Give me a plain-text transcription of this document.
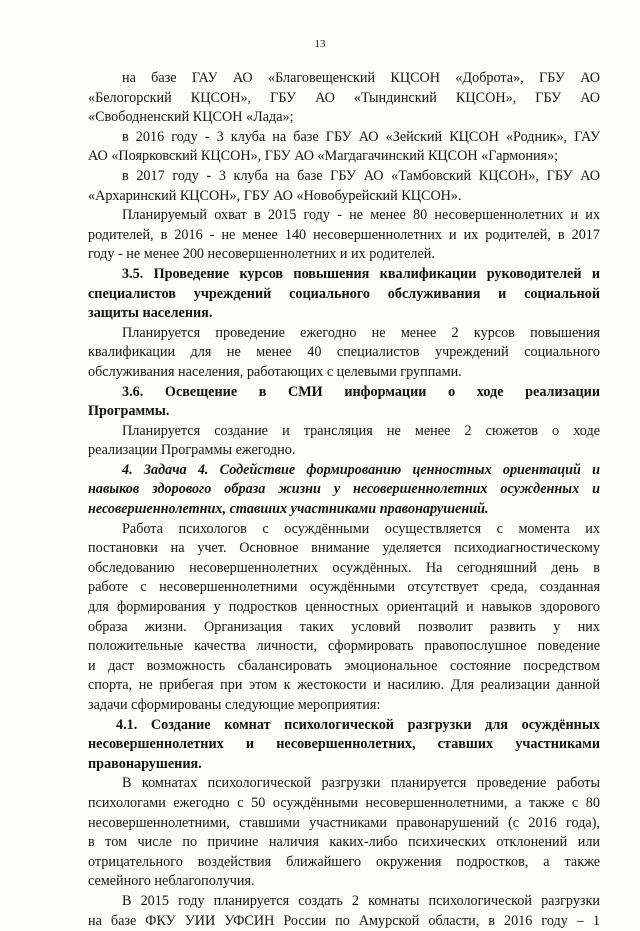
13

на базе ГАУ АО «Благовещенский КЦСОН «Доброта», ГБУ АО

«Белогорский КЦСОН», ГБУ АО «Тындинский КЦСОН», ГБУ АО

«Свободненский КЦСОН «Лада»;

в 2016 году - 3 клуба на базе ГБУ АО «Зейский КЦСОН «Родник», ГАУ

АО «Поярковский КЦСОН», ГБУ АО «Магдагачинский КЦСОН «Гармония»;

в 2017 году - 3 клуба на базе ГБУ АО «Тамбовский КЦСОН», ГБУ АО

«Архаринский КЦСОН», ГБУ АО «Новобурейский КЦСОН».

Планируемый охват в 2015 году - не менее 80 несовершеннолетних и их

родителей, в 2016 - не менее 140 несовершеннолетних и их родителей, в 2017

году - не менее 200 несовершеннолетних и их родителей.

3.5. Проведение курсов повышения квалификации руководителей и

специалистов учреждений социального обслуживания и социальной

защиты населения.

Планируется проведение ежегодно не менее 2 курсов повышения

квалификации для не менее 40 специалистов учреждений социального

обслуживания населения, работающих с целевыми группами.

3.6. Освещение в СМИ информации о ходе реализации

Программы.

Планируется создание и трансляция не менее 2 сюжетов о ходе

реализации Программы ежегодно.

4. Задача 4. Содействие формированию ценностных ориентаций и

навыков здорового образа жизни у несовершеннолетних осужденных и

несовершеннолетних, ставших участниками правонарушений.

Работа психологов с осуждёнными осуществляется с момента их

постановки на учет. Основное внимание уделяется психодиагностическому

обследованию несовершеннолетних осуждённых. На сегодняшний день в

работе с несовершеннолетними осуждёнными отсутствует среда, созданная

для формирования у подростков ценностных ориентаций и навыков здорового

образа жизни. Организация таких условий позволит развить у них

положительные качества личности, сформировать правопослушное поведение

и даст возможность сбалансировать эмоциональное состояние посредством

спорта, не прибегая при этом к жестокости и насилию. Для реализации данной

задачи сформированы следующие мероприятия:

4.1. Создание комнат психологической разгрузки для осуждённых

несовершеннолетних и несовершеннолетних, ставших участниками

правонарушения.

В комнатах психологической разгрузки планируется проведение работы

психологами ежегодно с 50 осуждёнными несовершеннолетними, а также с 80

несовершеннолетними, ставшими участниками правонарушений (с 2016 года),

в том числе по причине наличия каких-либо психических отклонений или

отрицательного воздействия ближайшего окружения подростков, а также

семейного неблагополучия.

В 2015 году планируется создать 2 комнаты психологической разгрузки

на базе ФКУ УИИ УФСИН России по Амурской области, в 2016 году – 1
